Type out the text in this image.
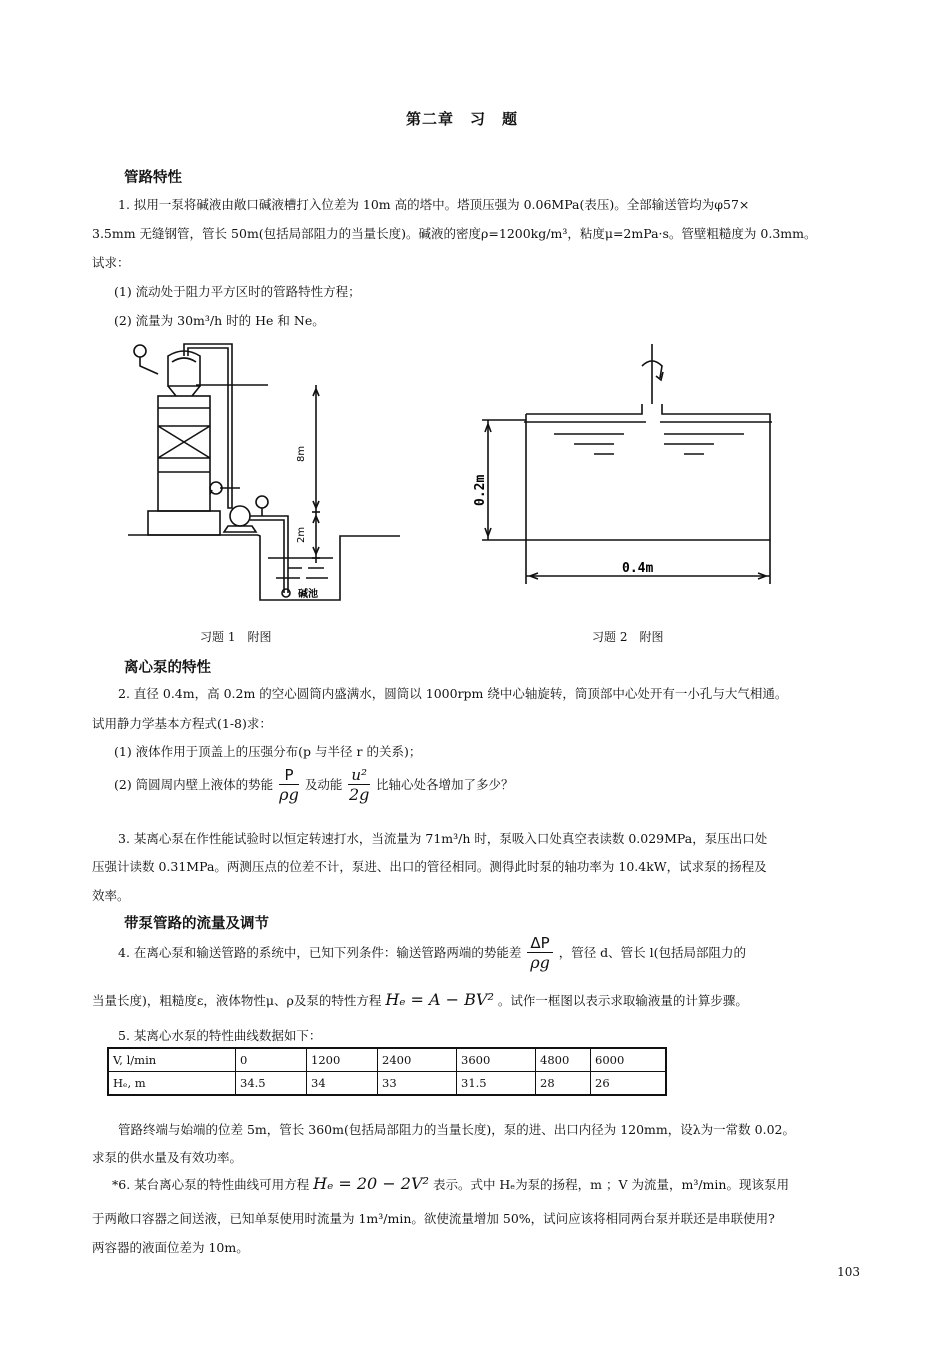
第二章　习　题
管路特性
1. 拟用一泵将碱液由敞口碱液槽打入位差为 10m 高的塔中。塔顶压强为 0.06MPa(表压)。全部输送管均为φ57×
3.5mm 无缝钢管，管长 50m(包括局部阻力的当量长度)。碱液的密度ρ=1200kg/m³，粘度μ=2mPa·s。管壁粗糙度为 0.3mm。
试求：
(1) 流动处于阻力平方区时的管路特性方程；
(2) 流量为 30m³/h 时的 He 和 Ne。
8m
2m
碱池
习题 1　附图
0.2m
0.4m
习题 2　附图
离心泵的特性
2. 直径 0.4m，高 0.2m 的空心圆筒内盛满水，圆筒以 1000rpm 绕中心轴旋转，筒顶部中心处开有一小孔与大气相通。
试用静力学基本方程式(1-8)求：
(1) 液体作用于顶盖上的压强分布(p 与半径 r 的关系)；
(2) 筒圆周内壁上液体的势能 $\frac{P}{\rho g}$ 及动能 $\frac{\text{u²}}{2g}$ 比轴心处各增加了多少？
3. 某离心泵在作性能试验时以恒定转速打水，当流量为 71m³/h 时，泵吸入口处真空表读数 0.029MPa，泵压出口处
压强计读数 0.31MPa。两测压点的位差不计，泵进、出口的管径相同。测得此时泵的轴功率为 10.4kW，试求泵的扬程及
效率。
带泵管路的流量及调节
4. 在离心泵和输送管路的系统中，已知下列条件：输送管路两端的势能差 $\frac{\Delta P}{\rho g}$ ，管径 d、管长 l(包括局部阻力的
当量长度)，粗糙度ε，液体物性μ、ρ及泵的特性方程 Hₑ = A − BV² 。试作一框图以表示求取输液量的计算步骤。
5. 某离心水泵的特性曲线数据如下：
V, l/min	0	1200	2400	3600	4800	6000
Hₑ, m	34.5	34	33	31.5	28	26
管路终端与始端的位差 5m，管长 360m(包括局部阻力的当量长度)，泵的进、出口内径为 120mm，设λ为一常数 0.02。
求泵的供水量及有效功率。
*6. 某台离心泵的特性曲线可用方程 Hₑ = 20 − 2V² 表示。式中 Hₑ为泵的扬程，m ；V 为流量，m³/min。现该泵用
于两敞口容器之间送液，已知单泵使用时流量为 1m³/min。欲使流量增加 50%，试问应该将相同两台泵并联还是串联使用?
两容器的液面位差为 10m。
103
